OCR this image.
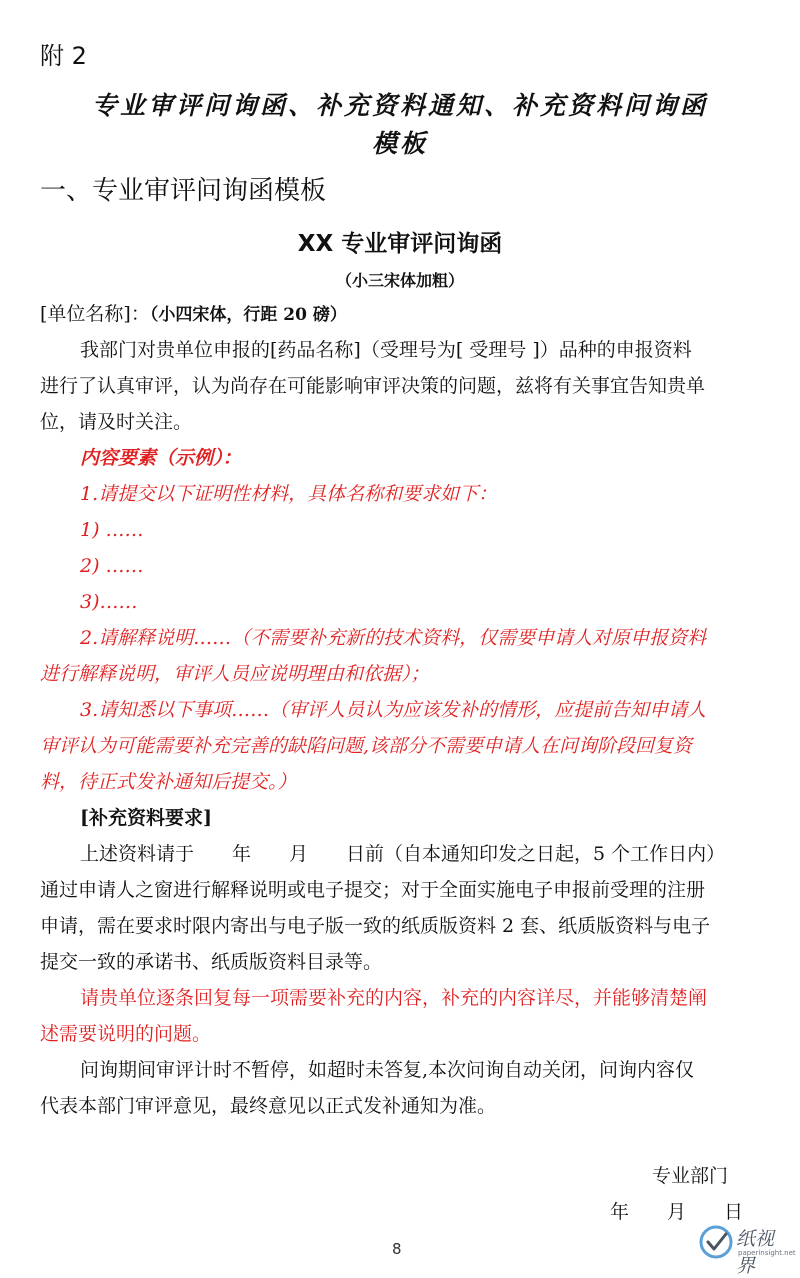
附 2
专业审评问询函、补充资料通知、补充资料问询函
模板
一、专业审评问询函模板
XX 专业审评问询函
（小三宋体加粗）
[单位名称]：（小四宋体，行距 20 磅）
我部门对贵单位申报的[药品名称]（受理号为[ 受理号 ]）品种的申报资料
进行了认真审评，认为尚存在可能影响审评决策的问题，兹将有关事宜告知贵单
位，请及时关注。
内容要素（示例）：
1.请提交以下证明性材料，具体名称和要求如下：
1) ……
2) ……
3)……
2.请解释说明……（不需要补充新的技术资料，仅需要申请人对原申报资料
进行解释说明，审评人员应说明理由和依据）；
3.请知悉以下事项……（审评人员认为应该发补的情形，应提前告知申请人
审评认为可能需要补充完善的缺陷问题,该部分不需要申请人在问询阶段回复资
料，待正式发补通知后提交。）
[补充资料要求]
上述资料请于　　年　　月　　日前（自本通知印发之日起，5 个工作日内）
通过申请人之窗进行解释说明或电子提交；对于全面实施电子申报前受理的注册
申请，需在要求时限内寄出与电子版一致的纸质版资料 2 套、纸质版资料与电子
提交一致的承诺书、纸质版资料目录等。
请贵单位逐条回复每一项需要补充的内容，补充的内容详尽，并能够清楚阐
述需要说明的问题。
问询期间审评计时不暂停，如超时未答复,本次问询自动关闭，问询内容仅
代表本部门审评意见，最终意见以正式发补通知为准。
专业部门
年　　月　　日
8	纸视界
paperinsight.net
